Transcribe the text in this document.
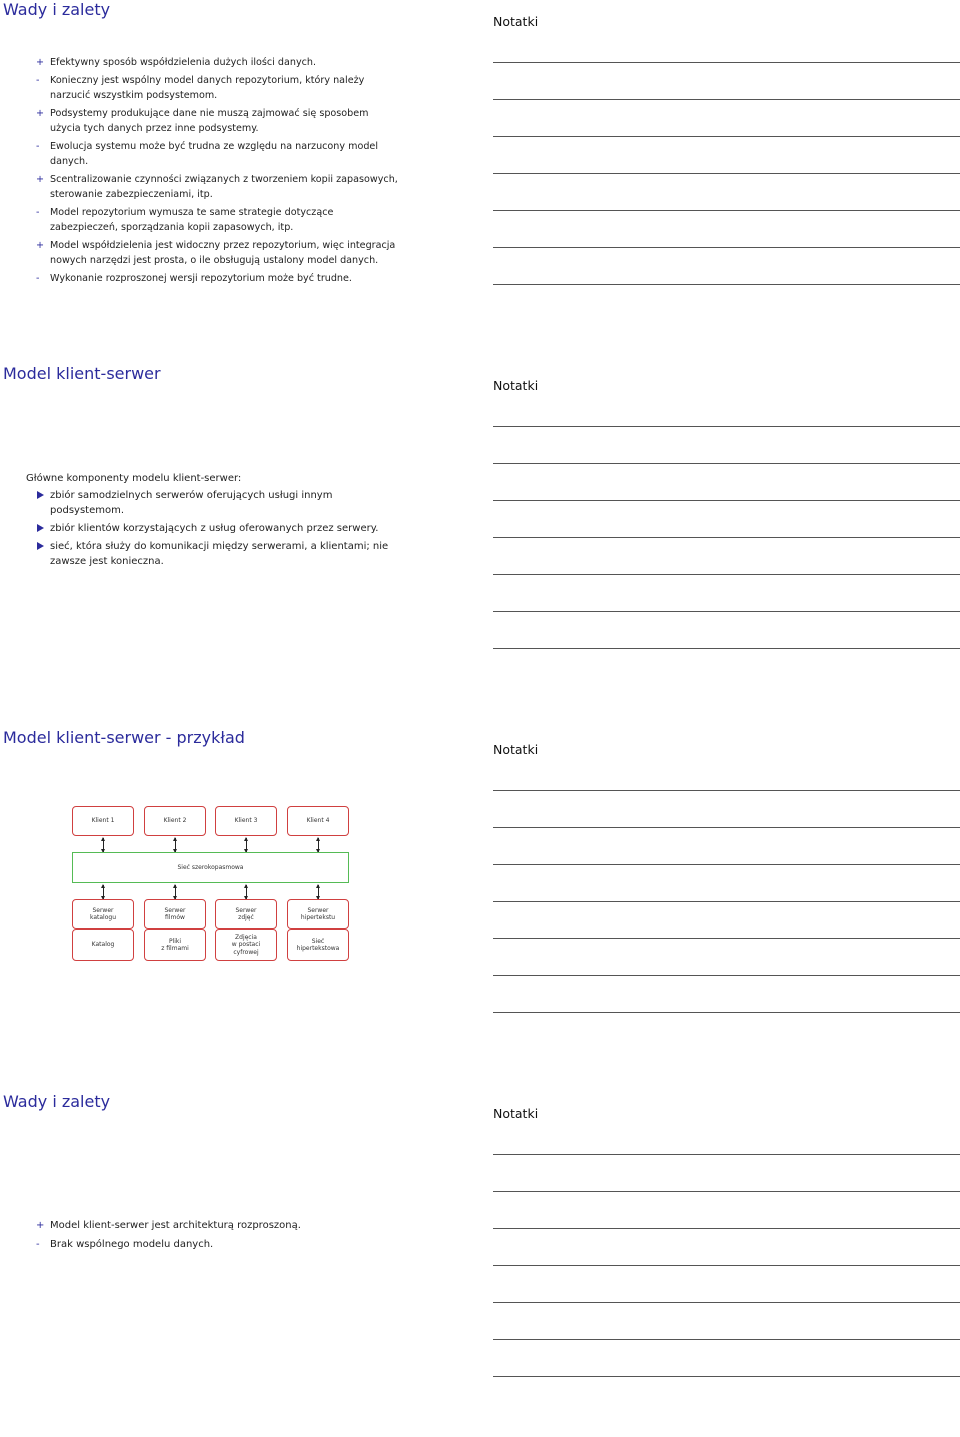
Wady i zalety
Notatki
+ Efektywny sposób współdzielenia dużych ilości danych.
-	Konieczny jest wspólny model danych repozytorium, który należy narzucić wszystkim podsystemom.
+ Podsystemy produkujące dane nie muszą zajmować się sposobem użycia tych danych przez inne podsystemy.
-	Ewolucja systemu może być trudna ze względu na narzucony model danych.
+ Scentralizowanie czynności związanych z tworzeniem kopii zapasowych, sterowanie zabezpieczeniami, itp.
-	Model repozytorium wymusza te same strategie dotyczące zabezpieczeń, sporządzania kopii zapasowych, itp.
+ Model współdzielenia jest widoczny przez repozytorium, więc integracja nowych narzędzi jest prosta, o ile obsługują ustalony model danych.
-	Wykonanie rozproszonej wersji repozytorium może być trudne.
Model klient-serwer
Notatki
Główne komponenty modelu klient-serwer:
zbiór samodzielnych serwerów oferujących usługi innym podsystemom.
zbiór klientów korzystających z usług oferowanych przez serwery.
sieć, która służy do komunikacji między serwerami, a klientami; nie zawsze jest konieczna.
Model klient-serwer - przykład
Notatki
Klient 1	Klient 2	Klient 3	Klient 4
Sieć szerokopasmowa
Serwer
katalogu
Serwer
filmów
Serwer
zdjęć
Serwer
hipertekstu
Katalog
Pliki
z filmami
Zdjęcia
w postaci
cyfrowej
Sieć
hipertekstowa
Wady i zalety
Notatki
+ Model klient-serwer jest architekturą rozproszoną.
-	Brak wspólnego modelu danych.
